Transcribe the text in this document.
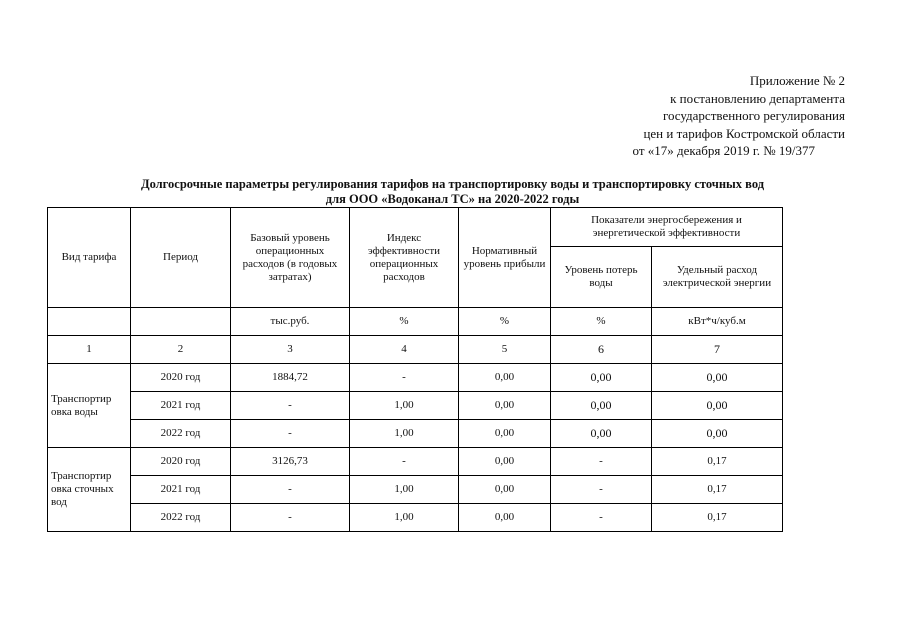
Приложение № 2
к постановлению департамента
государственного регулирования
цен и тарифов Костромской области
от «17» декабря 2019 г. № 19/377
Долгосрочные параметры регулирования тарифов на транспортировку воды и транспортировку сточных вод
для ООО «Водоканал ТС» на 2020-2022 годы
Вид тарифа	Период	Базовый уровень операционных расходов (в годовых затратах)	Индекс эффективности операционных расходов	Нормативный уровень прибыли	Показатели энергосбережения и энергетической эффективности	
					Уровень потерь воды	Удельный расход электрической энергии
		тыс.руб.	%	%	%	кВт*ч/куб.м
1	2	3	4	5	6	7
Транспортир овка воды	2020 год	1884,72	-	0,00	0,00	0,00
	2021 год	-	1,00	0,00	0,00	0,00
	2022 год	-	1,00	0,00	0,00	0,00
Транспортир овка сточных вод	2020 год	3126,73	-	0,00	-	0,17
	2021 год	-	1,00	0,00	-	0,17
	2022 год	-	1,00	0,00	-	0,17
